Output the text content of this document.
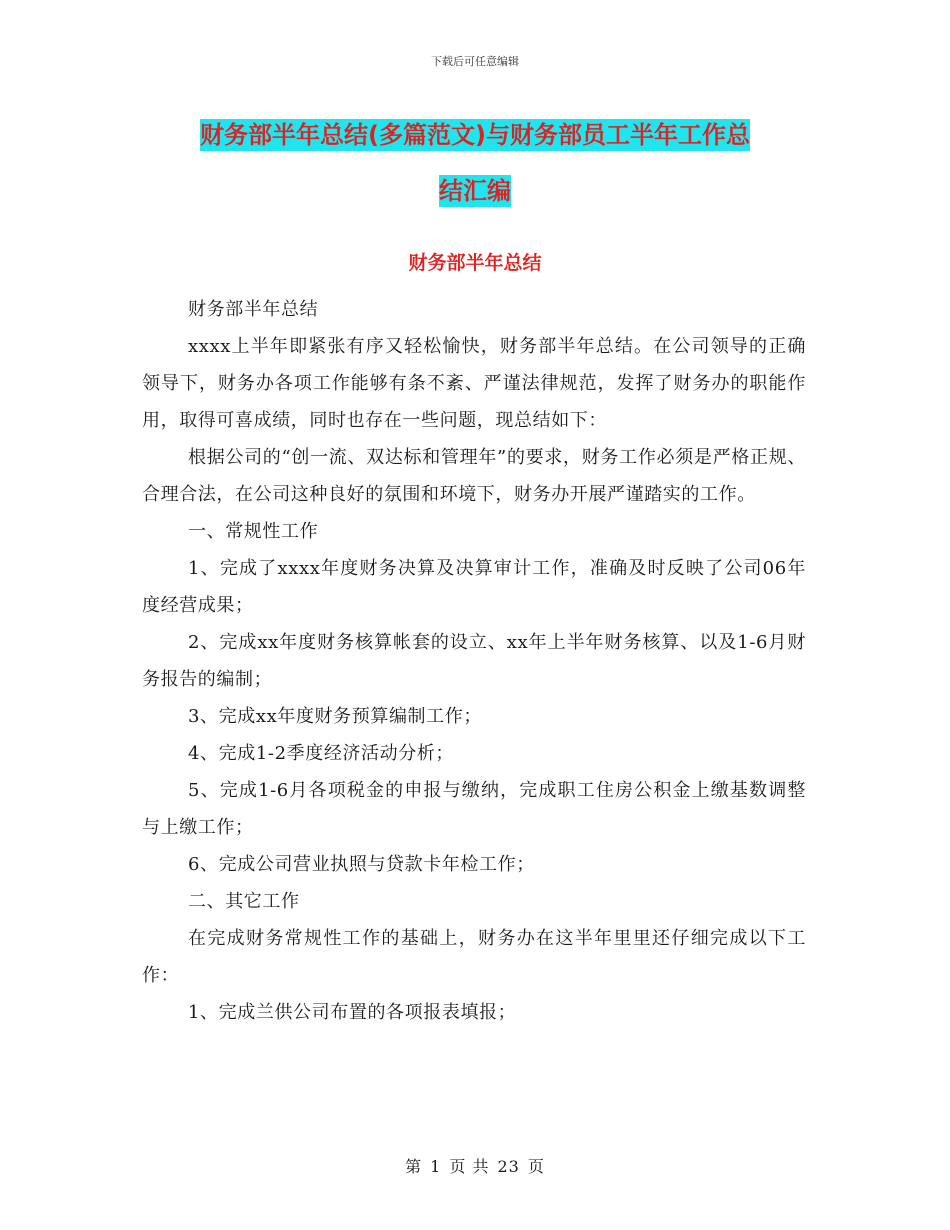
下载后可任意编辑
财务部半年总结(多篇范文)与财务部员工半年工作总
结汇编
财务部半年总结

财务部半年总结

xxxx上半年即紧张有序又轻松愉快，财务部半年总结。在公司领导的正确领导下，财务办各项工作能够有条不紊、严谨法律规范，发挥了财务办的职能作用，取得可喜成绩，同时也存在一些问题，现总结如下：

根据公司的“创一流、双达标和管理年”的要求，财务工作必须是严格正规、合理合法，在公司这种良好的氛围和环境下，财务办开展严谨踏实的工作。

一、常规性工作

1、完成了xxxx年度财务决算及决算审计工作，准确及时反映了公司06年度经营成果；

2、完成xx年度财务核算帐套的设立、xx年上半年财务核算、以及1-6月财务报告的编制；

3、完成xx年度财务预算编制工作；

4、完成1-2季度经济活动分析；

5、完成1-6月各项税金的申报与缴纳，完成职工住房公积金上缴基数调整与上缴工作；

6、完成公司营业执照与贷款卡年检工作；

二、其它工作

在完成财务常规性工作的基础上，财务办在这半年里里还仔细完成以下工作：

1、完成兰供公司布置的各项报表填报；

第 1 页 共 23 页
